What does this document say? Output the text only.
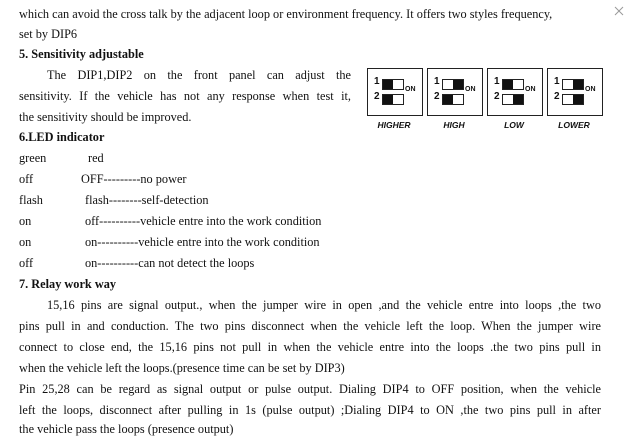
which can avoid the cross talk by the adjacent loop or environment frequency. It offers two styles frequency,
set by DIP6
5. Sensitivity adjustable
The DIP1,DIP2 on the front panel can adjust the
sensitivity. If the vehicle has not any response when test it,
the sensitivity should be improved.
1
2
ON
1
2
ON
1
2
ON
1
2
ON
HIGHER	HIGH	LOW	LOWER
6.LED indicator
green	red
off	OFF---------no power
flash	flash--------self-detection
on	off----------vehicle entre into the work condition
on	on----------vehicle entre into the work condition
off	on----------can not detect the loops
7. Relay work way
15,16 pins are signal output., when the jumper wire in open ,and the vehicle entre into loops ,the two
pins pull in and conduction. The two pins disconnect when the vehicle left the loop. When the jumper wire
connect to close end, the 15,16 pins not pull in when the vehicle entre into the loops .the two pins pull in
when the vehicle left the loops.(presence time can be set by DIP3)
Pin 25,28 can be regard as signal output or pulse output. Dialing DIP4 to OFF position, when the vehicle
left the loops, disconnect after pulling in 1s (pulse output) ;Dialing DIP4 to ON ,the two pins pull in after
the vehicle pass the loops (presence output)
